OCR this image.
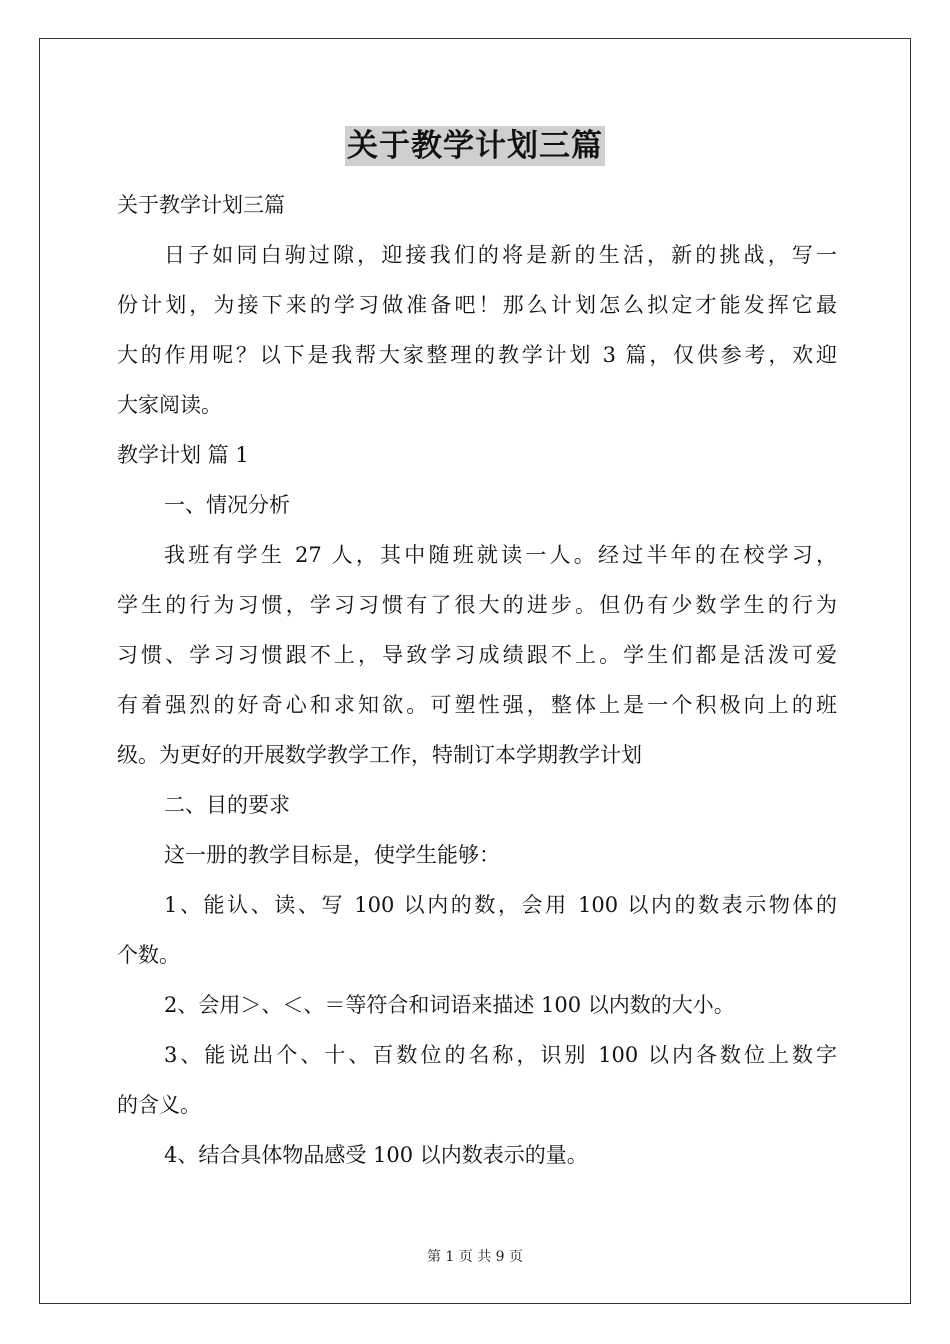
关于教学计划三篇
关于教学计划三篇
日子如同白驹过隙，迎接我们的将是新的生活，新的挑战，写一
份计划，为接下来的学习做准备吧！那么计划怎么拟定才能发挥它最
大的作用呢？以下是我帮大家整理的教学计划 3 篇，仅供参考，欢迎
大家阅读。
教学计划 篇 1
一、情况分析
我班有学生 27 人，其中随班就读一人。经过半年的在校学习，
学生的行为习惯，学习习惯有了很大的进步。但仍有少数学生的行为
习惯、学习习惯跟不上，导致学习成绩跟不上。学生们都是活泼可爱
有着强烈的好奇心和求知欲。可塑性强，整体上是一个积极向上的班
级。为更好的开展数学教学工作，特制订本学期教学计划
二、目的要求
这一册的教学目标是，使学生能够：
1、能认、读、写 100 以内的数，会用 100 以内的数表示物体的
个数。
2、会用＞、＜、＝等符合和词语来描述 100 以内数的大小。
3、能说出个、十、百数位的名称，识别 100 以内各数位上数字
的含义。
4、结合具体物品感受 100 以内数表示的量。
第 1 页 共 9 页
